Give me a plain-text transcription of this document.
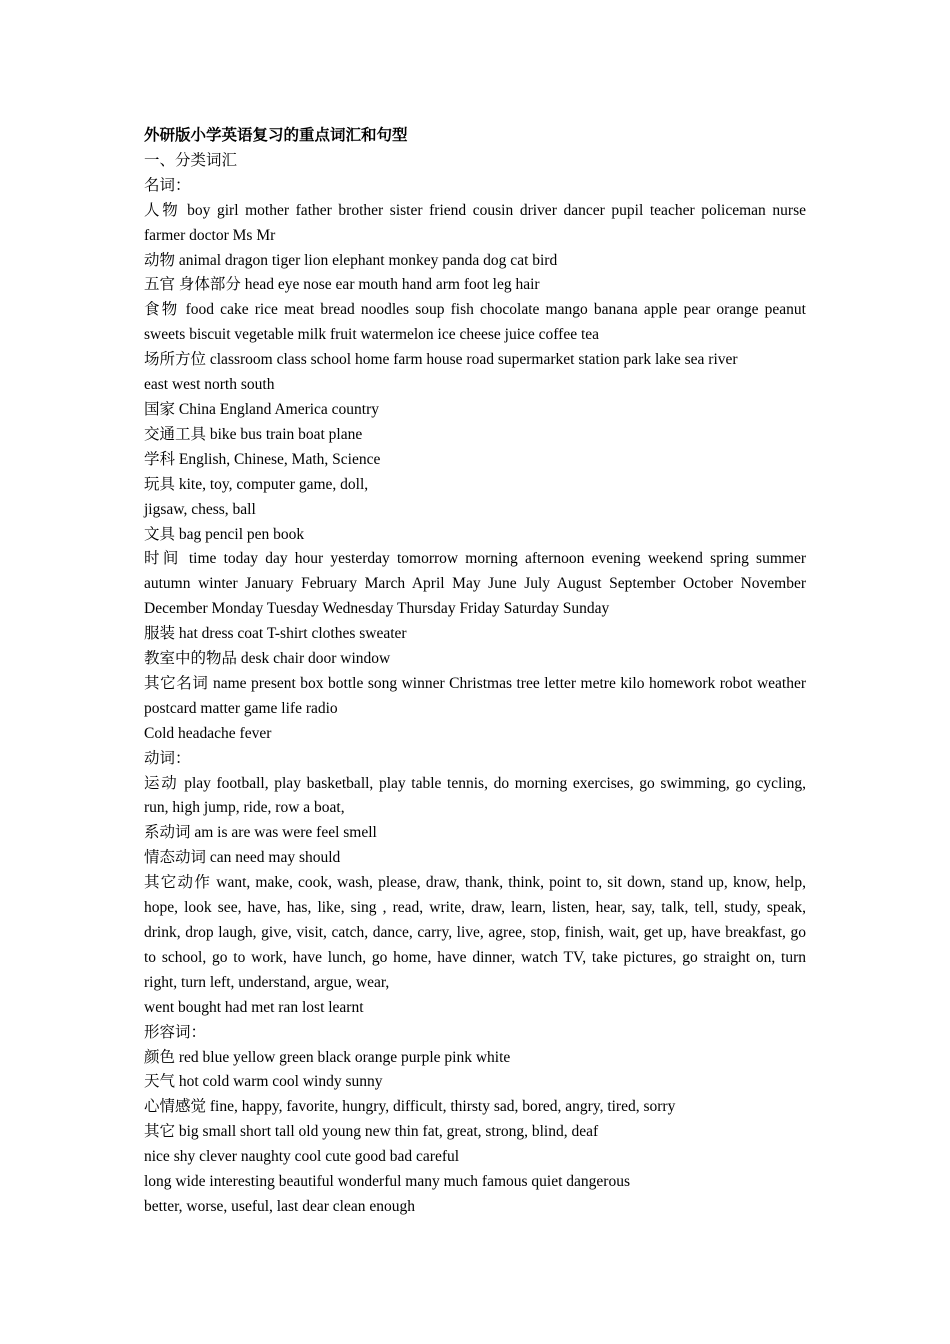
外研版小学英语复习的重点词汇和句型
一、分类词汇
名词：
人物 boy girl mother father brother sister friend cousin driver dancer pupil teacher policeman nurse farmer doctor Ms Mr
动物 animal dragon tiger lion elephant monkey panda dog cat bird
五官 身体部分 head eye nose ear mouth hand arm foot leg hair
食物 food cake rice meat bread noodles soup fish chocolate mango banana apple pear orange peanut sweets biscuit vegetable milk fruit watermelon ice cheese juice coffee tea
场所方位 classroom class school home farm house road supermarket station park lake sea river
east west north south
国家 China England America country
交通工具 bike bus train boat plane
学科 English, Chinese, Math, Science
玩具 kite, toy, computer game, doll,
jigsaw, chess, ball
文具 bag pencil pen book
时间 time today day hour yesterday tomorrow morning afternoon evening weekend spring summer autumn winter January February March April May June July August September October November December Monday Tuesday Wednesday Thursday Friday Saturday Sunday
服装 hat dress coat T-shirt clothes sweater
教室中的物品 desk chair door window
其它名词 name present box bottle song winner Christmas tree letter metre kilo homework robot weather postcard matter game life radio
Cold headache fever
动词：
运动 play football, play basketball, play table tennis, do morning exercises, go swimming, go cycling, run, high jump, ride, row a boat,
系动词 am is are was were feel smell
情态动词 can need may should
其它动作 want, make, cook, wash, please, draw, thank, think, point to, sit down, stand up, know, help, hope, look see, have, has, like, sing , read, write, draw, learn, listen, hear, say, talk, tell, study, speak, drink, drop laugh, give, visit, catch, dance, carry, live, agree, stop, finish, wait, get up, have breakfast, go to school, go to work, have lunch, go home, have dinner, watch TV, take pictures, go straight on, turn right, turn left, understand, argue, wear,
went bought had met ran lost learnt
形容词：
颜色 red blue yellow green black orange purple pink white
天气 hot cold warm cool windy sunny
心情感觉 fine, happy, favorite, hungry, difficult, thirsty sad, bored, angry, tired, sorry
其它 big small short tall old young new thin fat, great, strong, blind, deaf
nice shy clever naughty cool cute good bad careful
long wide interesting beautiful wonderful many much famous quiet dangerous
better, worse, useful, last dear clean enough
